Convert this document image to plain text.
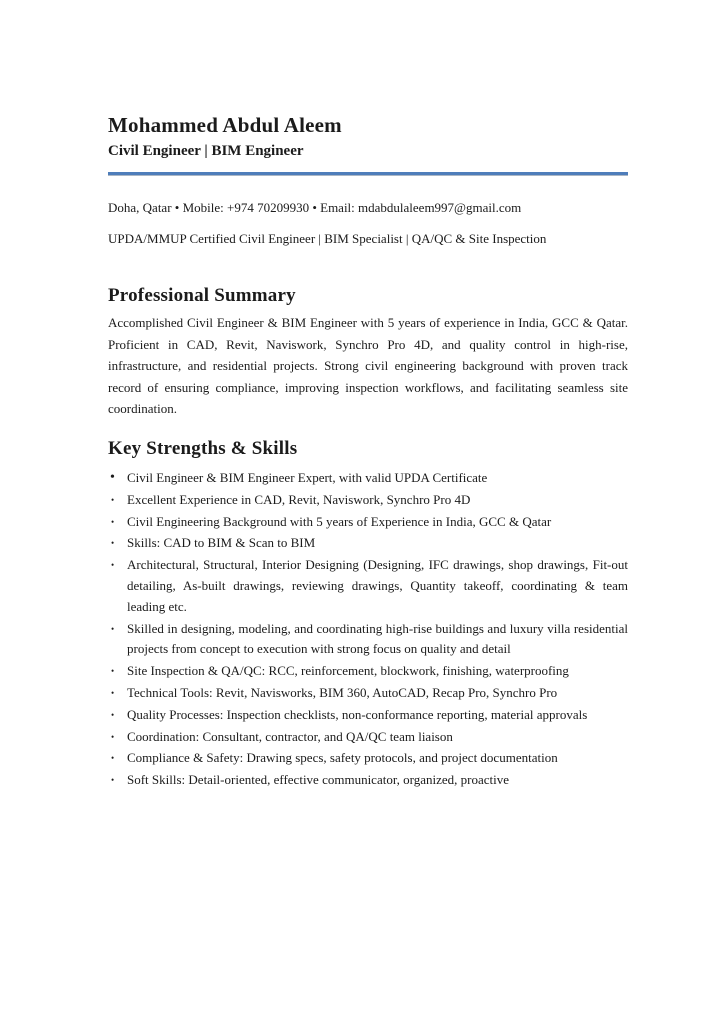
Mohammed Abdul Aleem
Civil Engineer | BIM Engineer
Doha, Qatar • Mobile: +974 70209930 • Email: mdabdulaleem997@gmail.com
UPDA/MMUP Certified Civil Engineer | BIM Specialist | QA/QC & Site Inspection
Professional Summary

Accomplished Civil Engineer & BIM Engineer with 5 years of experience in India, GCC & Qatar. Proficient in CAD, Revit, Naviswork, Synchro Pro 4D, and quality control in high-rise, infrastructure, and residential projects. Strong civil engineering background with proven track record of ensuring compliance, improving inspection workflows, and facilitating seamless site coordination.

Key Strengths & Skills
• Civil Engineer & BIM Engineer Expert, with valid UPDA Certificate
• Excellent Experience in CAD, Revit, Naviswork, Synchro Pro 4D
• Civil Engineering Background with 5 years of Experience in India, GCC & Qatar
• Skills: CAD to BIM & Scan to BIM
• Architectural, Structural, Interior Designing (Designing, IFC drawings, shop drawings, Fit-out detailing, As-built drawings, reviewing drawings, Quantity takeoff, coordinating & team leading etc.
• Skilled in designing, modeling, and coordinating high-rise buildings and luxury villa residential projects from concept to execution with strong focus on quality and detail
• Site Inspection & QA/QC: RCC, reinforcement, blockwork, finishing, waterproofing
• Technical Tools: Revit, Navisworks, BIM 360, AutoCAD, Recap Pro, Synchro Pro
• Quality Processes: Inspection checklists, non-conformance reporting, material approvals
• Coordination: Consultant, contractor, and QA/QC team liaison
• Compliance & Safety: Drawing specs, safety protocols, and project documentation
• Soft Skills: Detail-oriented, effective communicator, organized, proactive
